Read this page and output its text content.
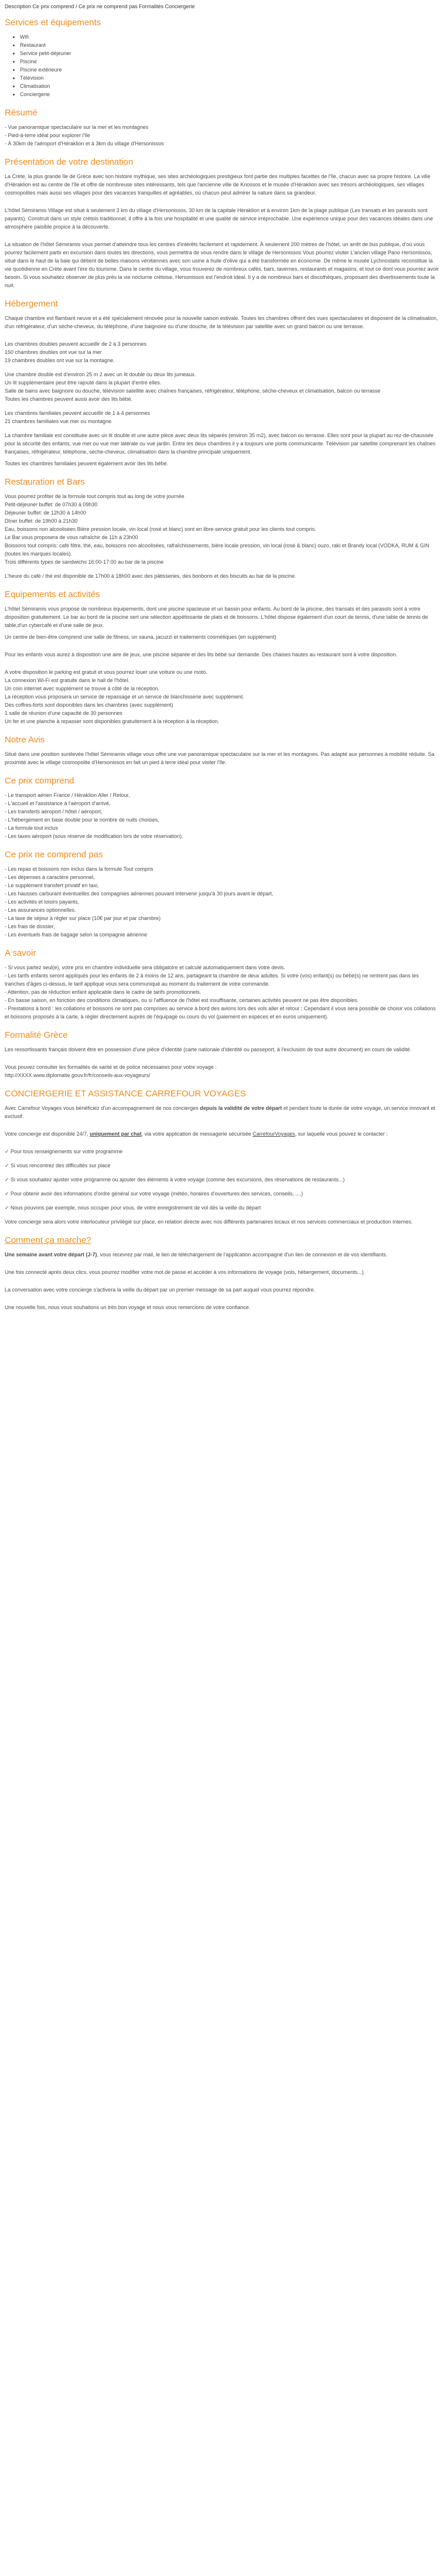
Description Ce prix comprend / Ce prix ne comprend pas Formalités Conciergerie
Services et équipements
• Wifi
• Restaurant
• Service petit-déjeuner
• Piscine
• Piscine extérieure
• Télévision
• Climatisation
• Conciergerie
Résumé
- Vue panoramique spectaculaire sur la mer et les montagnes
- Pied-à-terre idéal pour explorer l'île
- À 30km de l'aéroport d'Héraklion et à 3km du village d'Hersonissos
Présentation de votre destination

La Crète, la plus grande île de Grèce avec son histoire mythique, ses sites archéologiques prestigieux font partie des multiples facettes de l'île, chacun avec sa propre histoire. La ville d'Héraklion est au centre de l'île et offre de nombreuse sites intéressants, tels que l'ancienne ville de Knossos et le musée d'Héraklion avec ses trésors archéologiques, ses villages cosmopolites mais aussi ses villages pour des vacances tranquilles et agréables, où chacun peut admirer la nature dans sa grandeur.

L'hôtel Sémiramis Village est situé à seulement 3 km du village d'Hersonissos, 30 km de la capitale Héraklion et à environ 1km de la plage publique (Les transats et les parasols sont payants). Construit dans un style crétois traditionnel, il offre à la fois une hospitalité et une qualité de service irréprochable. Une expérience unique pour des vacances idéales dans une atmosphère paisible propice à la découverte.

La situation de l'hôtel Sémiramis vous permet d'atteindre tous les centres d'intérêts facilement et rapidement. À seulement 200 mètres de l'hôtel, un arrêt de bus publique, d'où vous pourrez facilement partir en excursion dans toutes les directions, vous permettra de vous rendre dans le village de Hersonissos Vous pourrez visiter L'ancien village Pano Hersonissos, situé dans le haut de la baie qui détient de belles maisons vénitiennes avec son usine à huile d'olive qui a été transformée en économie. De même le musée Lychnostatis reconstitue la vie quotidienne en Crète avant l'ère du tourisme. Dans le centre du village, vous trouverez de nombreux cafés, bars, tavernes, restaurants et magasins, et tout ce dont vous pourriez avoir besoin. Si vous souhaitez observer de plus près la vie nocturne crétoise, Hersonissos est l'endroit idéal. Il y a de nombreux bars et discothèques, proposant des divertissements toute la nuit.

Hébergement

Chaque chambre est flambant neuve et a été spécialement rénovée pour la nouvelle saison estivale. Toutes les chambres offrent des vues spectaculaires et disposent de la climatisation, d'un réfrigérateur, d'un sèche-cheveux, du téléphone, d'une baignoire ou d'une douche, de la télévision par satellite avec un grand balcon ou une terrasse.

Les chambres doubles peuvent accueillir de 2 à 3 personnes
150 chambres doubles ont vue sur la mer
19 chambres doubles ont vue sur la montagne.
Une chambre double est d'environ 25 m 2 avec un lit double ou deux lits jumeaux.
Un lit supplémentaire peut être rajouté dans la plupart d'entre elles.
Salle de bains avec baignoire ou douche, télévision satellite avec chaînes françaises, réfrigérateur, téléphone, sèche-cheveux et climatisation, balcon ou terrasse
Toutes les chambres peuvent aussi avoir des lits bébé.
Les chambres familiales peuvent accueillir de 1 à 4 personnes
21 chambres familiales vue mer ou montagne

La chambre familiale est constituée avec un lit double et une autre pièce avec deux lits séparés (environ 35 m2), avec balcon ou terrasse. Elles sont pour la plupart au rez-de-chaussée pour la sécurité des enfants, vue mer ou vue mer latérale ou vue jardin. Entre les deux chambres il y a toujours une porte communicante. Télévision par satellite comprenant les chaînes françaises, réfrigérateur, téléphone, sèche-cheveux, climatisation dans la chambre principale uniquement.

Toutes les chambres familiales peuvent également avoir des lits bébé.

Restauration et Bars
Vous pourrez profiter de la formule tout compris tout au long de votre journée
Petit-déjeuner buffet: de 07h30 à 09h30
Déjeuner buffet: de 12h30 à 14h00
Dîner buffet: de 19h00 à 21h30
Eau, boissons non alcoolisées Bière pression locale, vin local (rosé et blanc) sont en libre-service gratuit pour les clients tout compris.
Le Bar vous proposera de vous rafraîchir de 11h à 23h00
Boissons tout compris: café filtre, thé, eau, boissons non alcoolisées, rafraîchissements, bière locale pression, vin local (rosé & blanc) ouzo, raki et Brandy local (VODKA, RUM & GIN (toutes les marques locales).
Trois différents types de sandwichs 16:00-17:00 au bar de la piscine

L'heure du café / thé est disponible de 17h00 à 18h00 avec des pâtisseries, des bonbons et des biscuits au bar de la piscine.

Equipements et activités

L'hôtel Sémiramis vous propose de nombreux équipements, dont une piscine spacieuse et un bassin pour enfants. Au bord de la piscine, des transats et des parasols sont à votre disposition gratuitement. Le bar au bord de la piscine sert une sélection appétissante de plats et de boissons. L'hôtel dispose également d'un court de tennis, d'une table de tennis de table,d'un cybercafé et d'une salle de jeux.

Un centre de bien-être comprend une salle de fitness, un sauna, jacuzzi et traitements cosmétiques (en supplément)

Pour les enfants vous aurez à disposition une aire de jeux, une piscine séparée et des lits bébé sur demande. Des chaises hautes au restaurant sont à votre disposition.

A votre disposition le parking est gratuit et vous pourrez louer une voiture ou une moto.
La connexion Wi-Fi est gratuite dans le hall de l'hôtel.
Un coin internet avec supplément se trouve à côté de la réception.
La réception vous proposera un service de repassage et un service de blanchisserie avec supplément.
Des coffres-forts sont disponibles dans les chambres (avec supplément)
1 salle de réunion d'une capacité de 30 personnes
Un fer et une planche à repasser sont disponibles gratuitement à la réception à la réception.
Notre Avis

Situé dans une position surélevée l'hôtel Sémiramis village vous offre une vue panoramique spectaculaire sur la mer et les montagnes. Pas adapté aux personnes à mobilité réduite. Sa proximité avec le village cosmopolite d'Hersonissos en fait un pied à terre idéal pour visiter l'île.

Ce prix comprend
- Le transport aérien France / Héraklion Aller / Retour,
- L'accueil et l'assistance à l'aéroport d'arrivé,
- Les transferts aéroport / hôtel / aéroport,
- L'hébergement en base double pour le nombre de nuits choisies,
- La formule tout inclus
- Les taxes aéroport (sous réserve de modification lors de votre réservation).
Ce prix ne comprend pas
- Les repas et boissons non inclus dans la formule Tout compris
- Les dépenses à caractère personnel,
- Le supplément transfert privatif en taxi,
- Les hausses carburant éventuelles des compagnies aériennes pouvant intervenir jusqu'à 30 jours avant le départ,
- Les activités et loisirs payants,
- Les assurances optionnelles.
- La taxe de séjour à régler sur place (10€ par jour et par chambre)
- Les frais de dossier,
- Les éventuels frais de bagage selon la compagnie aérienne
A savoir
- Si vous partez seul(e), votre prix en chambre individuelle sera obligatoire et calculé automatiquement dans votre devis.
- Les tarifs enfants seront appliqués pour les enfants de 2 à moins de 12 ans, partageant la chambre de deux adultes. Si votre (vos) enfant(s) ou bébé(s) ne rentrent pas dans les tranches d'âges ci-dessus, le tarif appliqué vous sera communiqué au moment du traitement de votre commande.
- Attention, pas de réduction enfant applicable dans le cadre de tarifs promotionnels.
- En basse saison, en fonction des conditions climatiques, ou si l'affluence de l'hôtel est insuffisante, certaines activités peuvent ne pas être disponibles.
- Prestations à bord : les collations et boissons ne sont pas comprises au service à bord des avions lors des vols aller et retour ; Cependant il vous sera possible de choisir vos collations et boissons proposés à la carte, à régler directement auprès de l'équipage ou cours du vol (paiement en espèces et en euros uniquement).
Formalité Grèce

Les ressortissants français doivent être en possession d'une pièce d'identité (carte nationale d'identité ou passeport, à l'exclusion de tout autre document) en cours de validité.

Vous pouvez consulter les formalités de santé et de police nécessaires pour votre voyage :
http://XXXX.www.diplomatie.gouv.fr/fr/conseils-aux-voyageurs/
CONCIERGERIE ET ASSISTANCE CARREFOUR VOYAGES

Avec Carrefour Voyages vous bénéficiez d'un accompagnement de nos concierges depuis la validité de votre départ et pendant toute la durée de votre voyage, un service innovant et exclusif.

Votre concierge est disponible 24/7, uniquement par chat, via votre application de messagerie sécurisée CarrefourVoyages, sur laquelle vous pouvez le contacter :

✓ Pour tous renseignements sur votre programme
✓ Si vous rencontrez des difficultés sur place
✓ Si vous souhaitez ajuster votre programme ou ajouter des éléments à votre voyage (comme des excursions, des réservations de restaurants...)
✓ Pour obtenir avoir des informations d'ordre général sur votre voyage (météo, horaires d'ouvertures des services, conseils, ....)
✓ Nous pouvons par exemple, nous occuper pour vous, de votre enregistrement de vol dès la veille du départ

Votre concierge sera alors votre interlocuteur privilégié sur place, en relation directe avec nos différents partenaires locaux et nos services commerciaux et production internes.

Comment ça marche?

Une semaine avant votre départ (J-7), vous recevrez par mail, le lien de téléchargement de l'application accompagné d'un lien de connexion et de vos identifiants.

Une fois connecté après deux clics, vous pourrez modifier votre mot de passe et accéder à vos informations de voyage (vols, hébergement, documents...).

La conversation avec votre concierge s'activera la veille du départ par un premier message de sa part auquel vous pourrez répondre.

Une nouvelle fois, nous vous souhaitons un très bon voyage et nous vous remercions de votre confiance.
